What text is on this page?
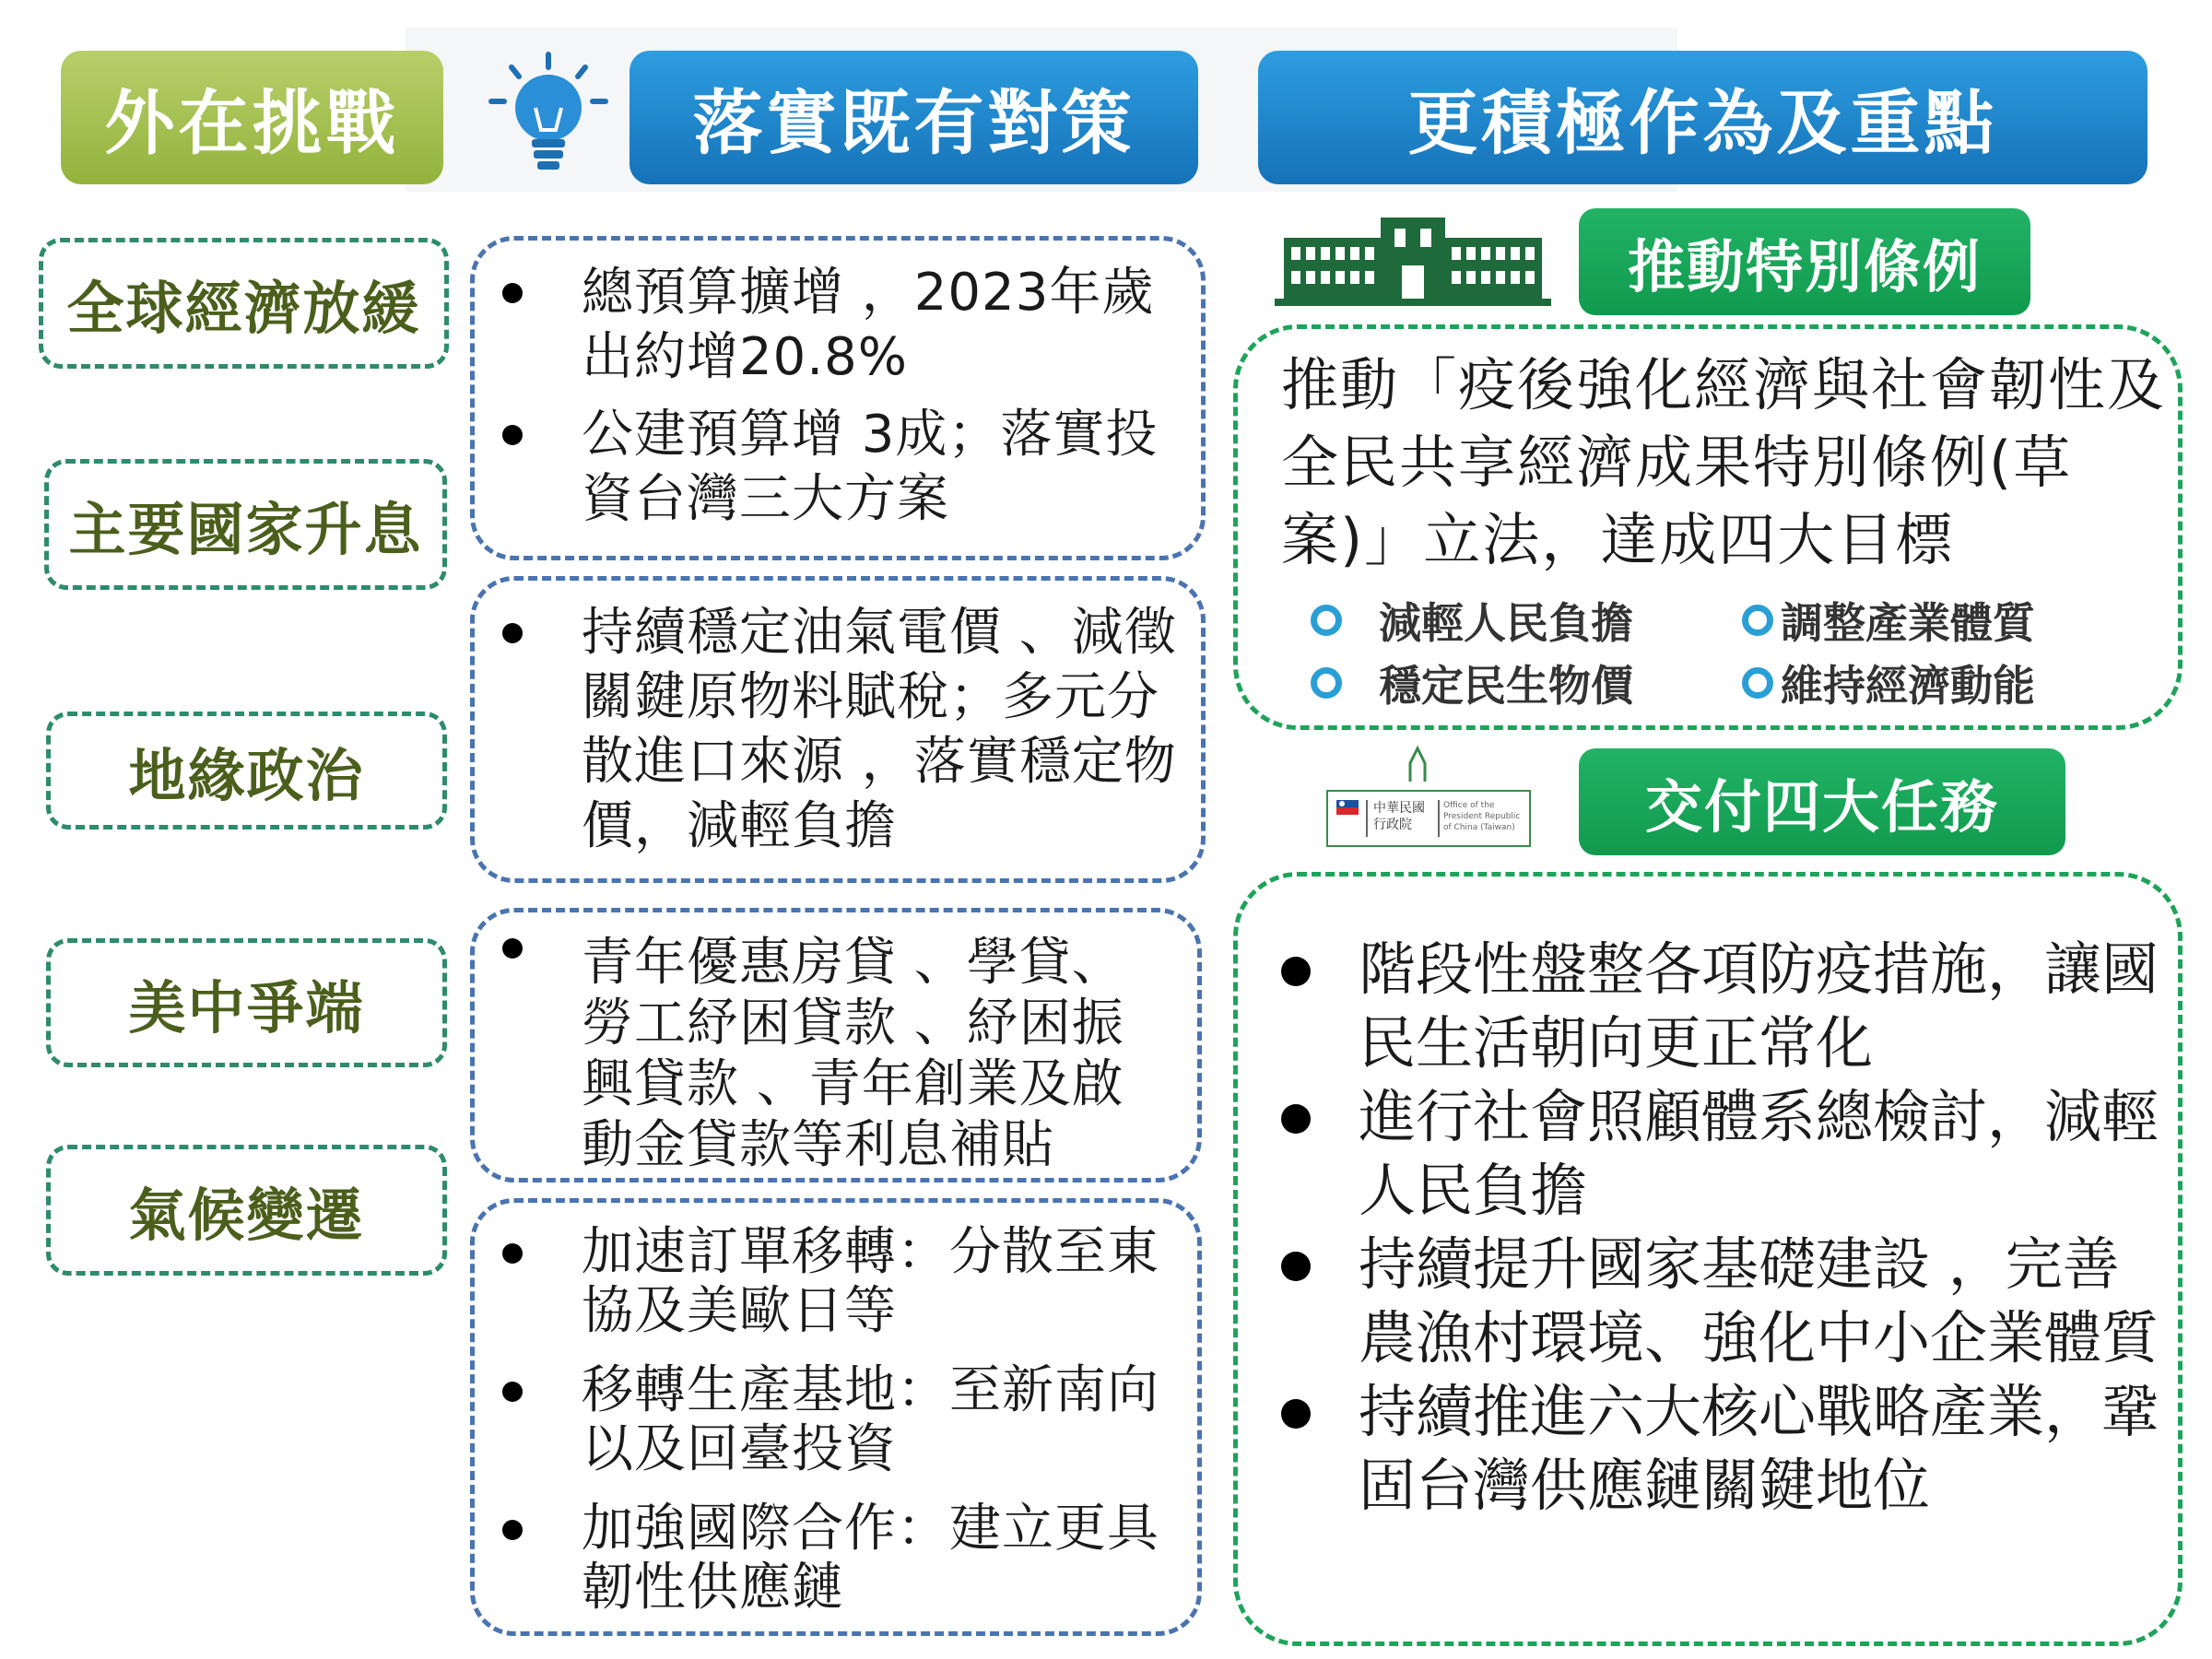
外在挑戰	落實既有對策	更積極作為及重點
全球經濟放緩
主要國家升息
地緣政治
美中爭端
氣候變遷
總預算擴增 ，2023年歲出約增20.8%
公建預算增 3成；落實投資台灣三大方案
持續穩定油氣電價 、減徵關鍵原物料賦稅；多元分散進口來源 ，落實穩定物價，減輕負擔
青年優惠房貸 、學貸、勞工紓困貸款 、紓困振興貸款 、青年創業及啟動金貸款等利息補貼
加速訂單移轉：分散至東協及美歐日等
移轉生產基地：至新南向以及回臺投資
加強國際合作：建立更具韌性供應鏈
推動特別條例
推動「疫後強化經濟與社會韌性及全民共享經濟成果特別條例(草案)」立法，達成四大目標
減輕人民負擔	調整產業體質
穩定民生物價	維持經濟動能
中華民國行政院
Office of the President Republic of China (Taiwan)	交付四大任務
階段性盤整各項防疫措施，讓國民生活朝向更正常化
進行社會照顧體系總檢討，減輕人民負擔
持續提升國家基礎建設 ，完善農漁村環境、強化中小企業體質
持續推進六大核心戰略產業，鞏固台灣供應鏈關鍵地位
